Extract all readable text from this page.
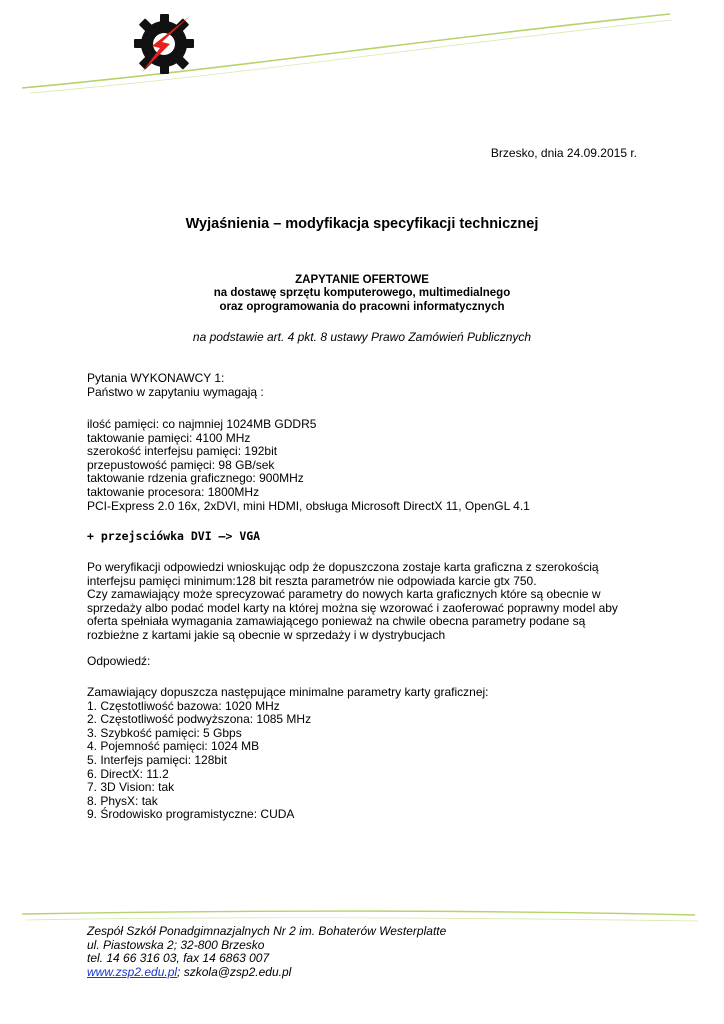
Brzesko, dnia 24.09.2015 r.
Wyjaśnienia – modyfikacja specyfikacji technicznej
ZAPYTANIE OFERTOWE
na dostawę sprzętu komputerowego, multimedialnego
oraz oprogramowania do pracowni informatycznych
na podstawie art. 4 pkt. 8 ustawy Prawo Zamówień Publicznych
Pytania WYKONAWCY 1:
Państwo w zapytaniu wymagają :
ilość pamięci: co najmniej 1024MB GDDR5
taktowanie pamięci: 4100 MHz
szerokość interfejsu pamięci: 192bit
przepustowość pamięci: 98 GB/sek
taktowanie rdzenia graficznego: 900MHz
taktowanie procesora: 1800MHz
PCI-Express 2.0 16x, 2xDVI, mini HDMI, obsługa Microsoft DirectX 11, OpenGL 4.1
+ przejsciówka DVI –> VGA
Po weryfikacji odpowiedzi wnioskując odp że dopuszczona zostaje karta graficzna z szerokością
interfejsu pamięci minimum:128 bit reszta parametrów nie odpowiada karcie gtx 750.
Czy zamawiający może sprecyzować parametry do nowych karta graficznych które są obecnie w
sprzedaży albo podać model karty na której można się wzorować i zaoferować poprawny model aby
oferta spełniała wymagania zamawiającego ponieważ na chwile obecna parametry podane są
rozbieżne z kartami jakie są obecnie w sprzedaży i w dystrybucjach
Odpowiedź:
Zamawiający dopuszcza następujące minimalne parametry karty graficznej:
1. Częstotliwość bazowa: 1020 MHz
2. Częstotliwość podwyższona: 1085 MHz
3. Szybkość pamięci: 5 Gbps
4. Pojemność pamięci: 1024 MB
5. Interfejs pamięci: 128bit
6. DirectX: 11.2
7. 3D Vision: tak
8. PhysX: tak
9. Środowisko programistyczne: CUDA
Zespół Szkół Ponadgimnazjalnych Nr 2 im. Bohaterów Westerplatte
ul. Piastowska 2; 32-800 Brzesko
tel. 14 66 316 03, fax 14 6863 007
www.zsp2.edu.pl; szkola@zsp2.edu.pl
